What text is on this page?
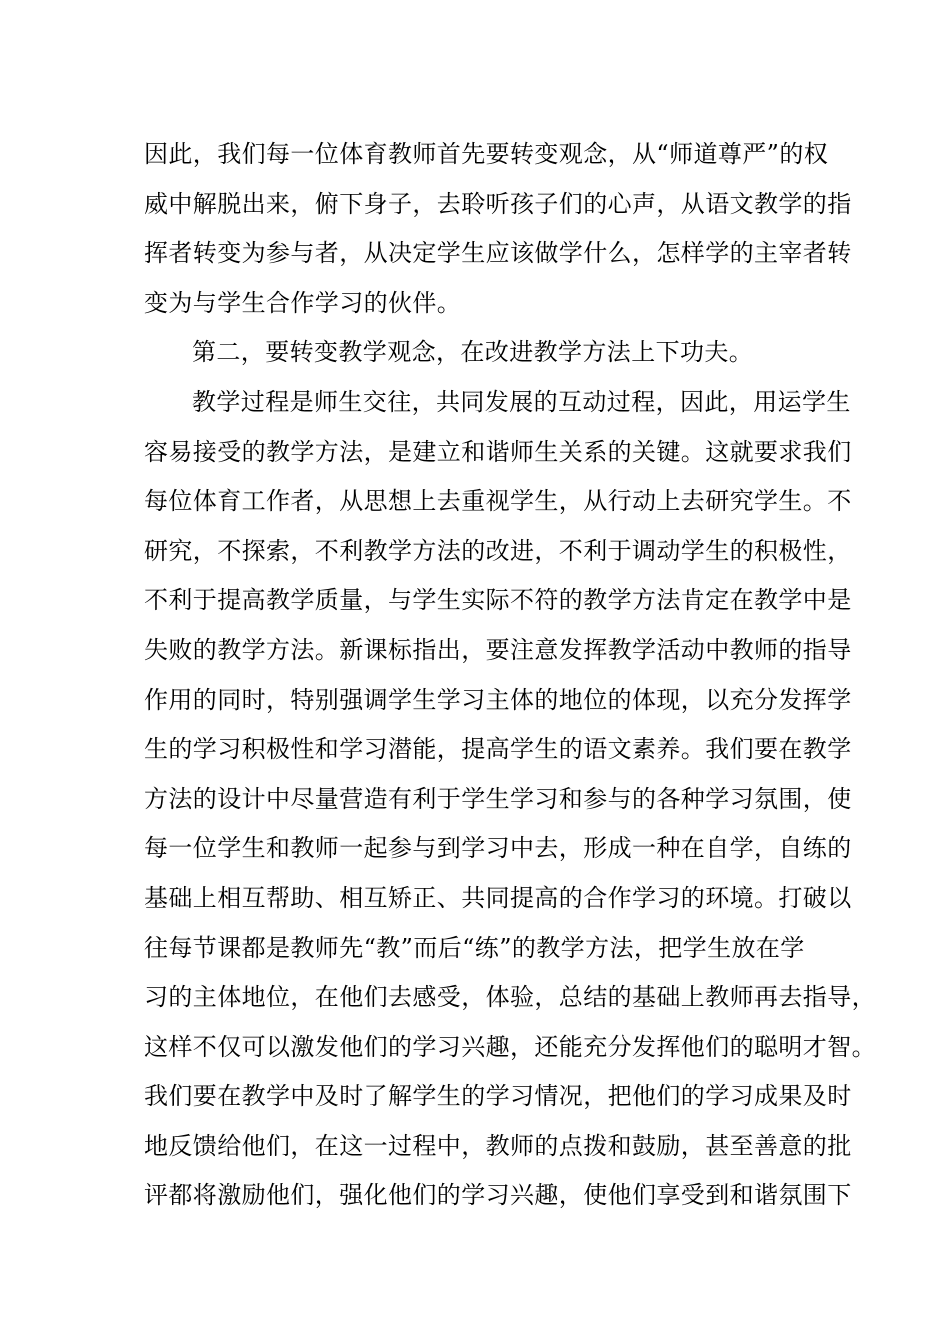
因此，我们每一位体育教师首先要转变观念，从“师道尊严”的权
威中解脱出来，俯下身子，去聆听孩子们的心声，从语文教学的指
挥者转变为参与者，从决定学生应该做学什么，怎样学的主宰者转
变为与学生合作学习的伙伴。
第二，要转变教学观念，在改进教学方法上下功夫。
教学过程是师生交往，共同发展的互动过程，因此，用运学生
容易接受的教学方法，是建立和谐师生关系的关键。这就要求我们
每位体育工作者，从思想上去重视学生，从行动上去研究学生。不
研究，不探索，不利教学方法的改进，不利于调动学生的积极性，
不利于提高教学质量，与学生实际不符的教学方法肯定在教学中是
失败的教学方法。新课标指出，要注意发挥教学活动中教师的指导
作用的同时，特别强调学生学习主体的地位的体现，以充分发挥学
生的学习积极性和学习潜能，提高学生的语文素养。我们要在教学
方法的设计中尽量营造有利于学生学习和参与的各种学习氛围，使
每一位学生和教师一起参与到学习中去，形成一种在自学，自练的
基础上相互帮助、相互矫正、共同提高的合作学习的环境。打破以
往每节课都是教师先“教”而后“练”的教学方法，把学生放在学
习的主体地位，在他们去感受，体验，总结的基础上教师再去指导，
这样不仅可以激发他们的学习兴趣，还能充分发挥他们的聪明才智。
我们要在教学中及时了解学生的学习情况，把他们的学习成果及时
地反馈给他们，在这一过程中，教师的点拨和鼓励，甚至善意的批
评都将激励他们，强化他们的学习兴趣，使他们享受到和谐氛围下
